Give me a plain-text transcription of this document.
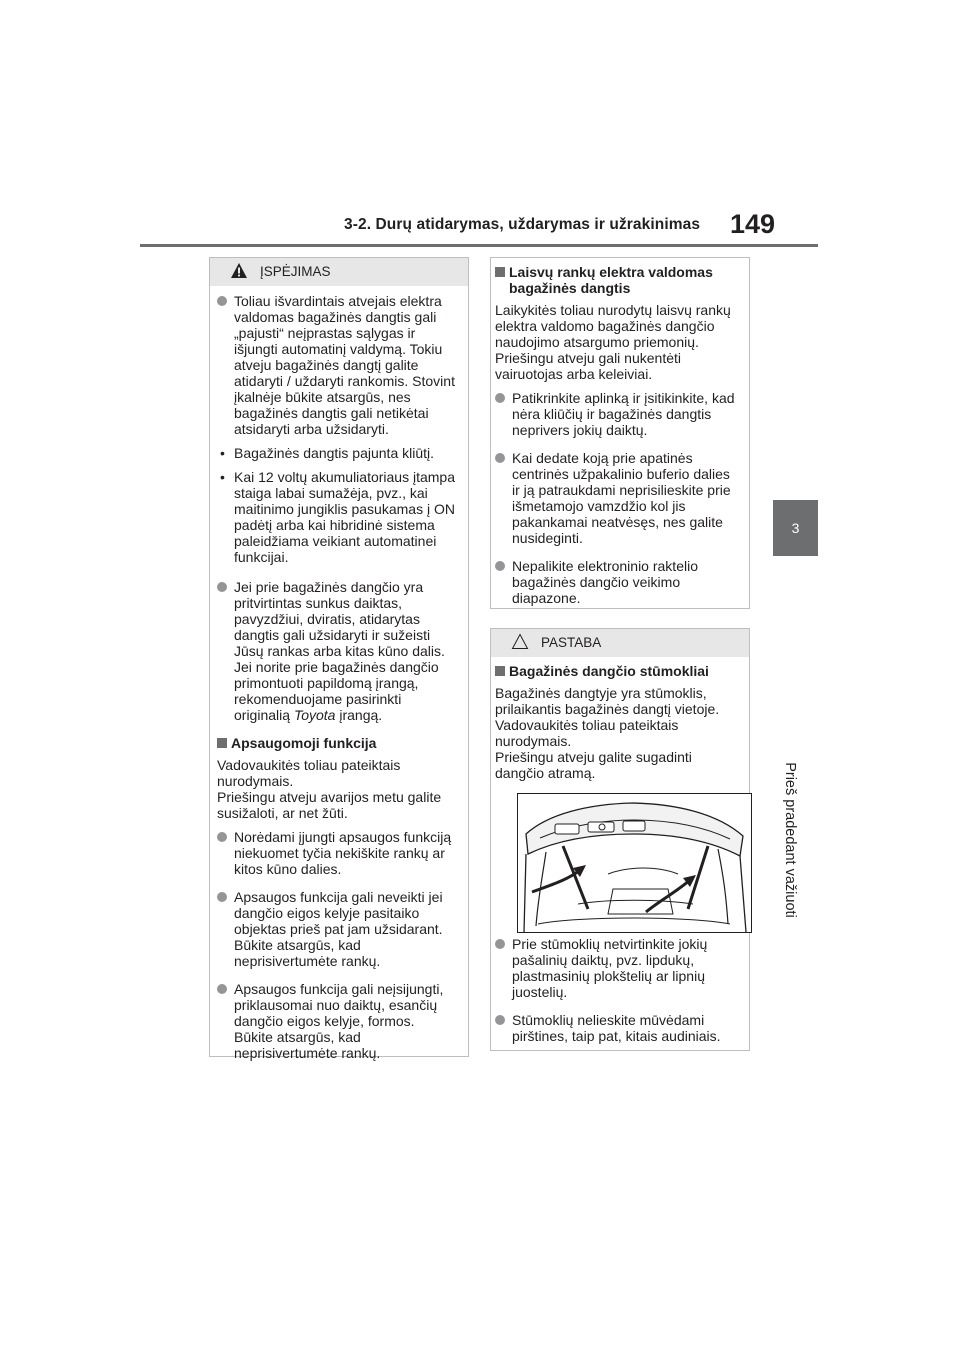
3-2. Durų atidarymas, uždarymas ir užrakinimas 149
3
Prieš pradedant važiuoti
ĮSPĖJIMAS
Toliau išvardintais atvejais elektra
valdomas bagažinės dangtis gali
„pajusti“ neįprastas sąlygas ir
išjungti automatinį valdymą. Tokiu
atveju bagažinės dangtį galite
atidaryti / uždaryti rankomis. Stovint
įkalnėje būkite atsargūs, nes
bagažinės dangtis gali netikėtai
atsidaryti arba užsidaryti.
• Bagažinės dangtis pajunta kliūtį.
• Kai 12 voltų akumuliatoriaus įtampa
staiga labai sumažėja, pvz., kai
maitinimo jungiklis pasukamas į ON
padėtį arba kai hibridinė sistema
paleidžiama veikiant automatinei
funkcijai.
Jei prie bagažinės dangčio yra
pritvirtintas sunkus daiktas,
pavyzdžiui, dviratis, atidarytas
dangtis gali užsidaryti ir sužeisti
Jūsų rankas arba kitas kūno dalis.
Jei norite prie bagažinės dangčio
primontuoti papildomą įrangą,
rekomenduojame pasirinkti
originalią Toyota įrangą.
Apsaugomoji funkcija
Vadovaukitės toliau pateiktais
nurodymais.
Priešingu atveju avarijos metu galite
susižaloti, ar net žūti.
Norėdami įjungti apsaugos funkciją
niekuomet tyčia nekiškite rankų ar
kitos kūno dalies.
Apsaugos funkcija gali neveikti jei
dangčio eigos kelyje pasitaiko
objektas prieš pat jam užsidarant.
Būkite atsargūs, kad
neprisivertumėte rankų.
Apsaugos funkcija gali neįsijungti,
priklausomai nuo daiktų, esančių
dangčio eigos kelyje, formos.
Būkite atsargūs, kad
neprisivertumėte rankų.
Laisvų rankų elektra valdomas
bagažinės dangtis
Laikykitės toliau nurodytų laisvų rankų
elektra valdomo bagažinės dangčio
naudojimo atsargumo priemonių.
Priešingu atveju gali nukentėti
vairuotojas arba keleiviai.
Patikrinkite aplinką ir įsitikinkite, kad
nėra kliūčių ir bagažinės dangtis
neprivers jokių daiktų.
Kai dedate koją prie apatinės
centrinės užpakalinio buferio dalies
ir ją patraukdami neprisilieskite prie
išmetamojo vamzdžio kol jis
pakankamai neatvėsęs, nes galite
nusideginti.
Nepalikite elektroninio raktelio
bagažinės dangčio veikimo
diapazone.
PASTABA
Bagažinės dangčio stūmokliai
Bagažinės dangtyje yra stūmoklis,
prilaikantis bagažinės dangtį vietoje.
Vadovaukitės toliau pateiktais
nurodymais.
Priešingu atveju galite sugadinti
dangčio atramą.
Prie stūmoklių netvirtinkite jokių
pašalinių daiktų, pvz. lipdukų,
plastmasinių plokštelių ar lipnių
juostelių.
Stūmoklių nelieskite mūvėdami
pirštines, taip pat, kitais audiniais.
